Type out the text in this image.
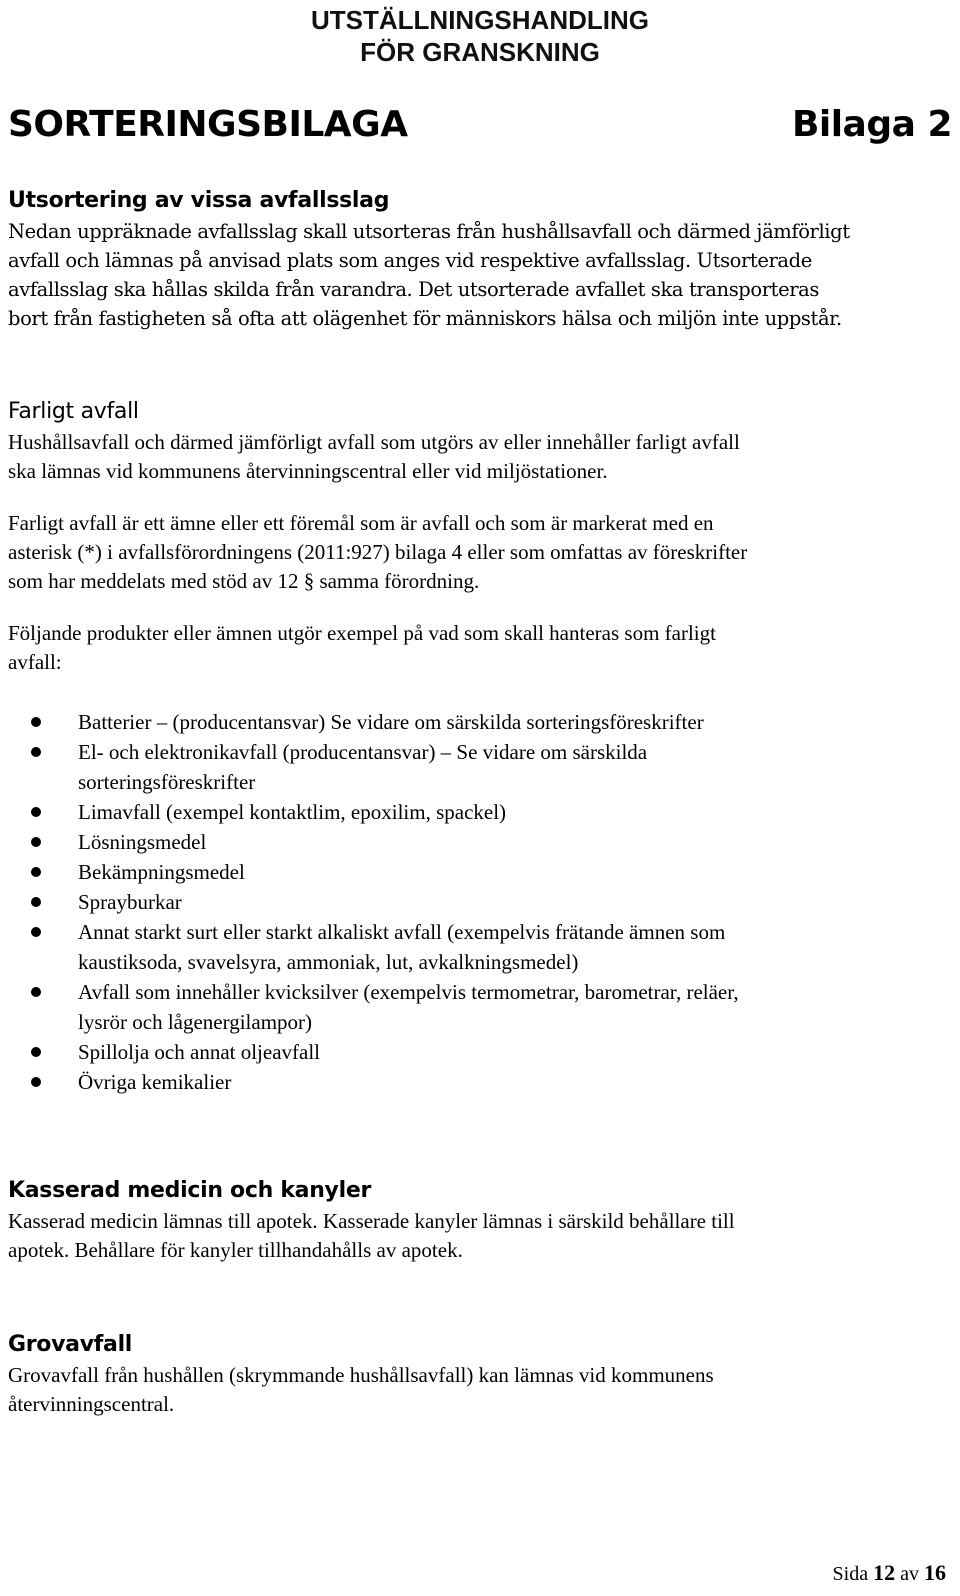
UTSTÄLLNINGSHANDLING
FÖR GRANSKNING
SORTERINGSBILAGA	Bilaga 2
Utsortering av vissa avfallsslag

Nedan uppräknade avfallsslag skall utsorteras från hushållsavfall och därmed jämförligt
avfall och lämnas på anvisad plats som anges vid respektive avfallsslag. Utsorterade
avfallsslag ska hållas skilda från varandra. Det utsorterade avfallet ska transporteras
bort från fastigheten så ofta att olägenhet för människors hälsa och miljön inte uppstår.

Farligt avfall

Hushållsavfall och därmed jämförligt avfall som utgörs av eller innehåller farligt avfall
ska lämnas vid kommunens återvinningscentral eller vid miljöstationer.

Farligt avfall är ett ämne eller ett föremål som är avfall och som är markerat med en
asterisk (*) i avfallsförordningens (2011:927) bilaga 4 eller som omfattas av föreskrifter
som har meddelats med stöd av 12 § samma förordning.

Följande produkter eller ämnen utgör exempel på vad som skall hanteras som farligt
avfall:

Batterier – (producentansvar) Se vidare om särskilda sorteringsföreskrifter
El- och elektronikavfall (producentansvar) – Se vidare om särskilda
sorteringsföreskrifter
Limavfall (exempel kontaktlim, epoxilim, spackel)
Lösningsmedel
Bekämpningsmedel
Sprayburkar
Annat starkt surt eller starkt alkaliskt avfall (exempelvis frätande ämnen som
kaustiksoda, svavelsyra, ammoniak, lut, avkalkningsmedel)
Avfall som innehåller kvicksilver (exempelvis termometrar, barometrar, reläer,
lysrör och lågenergilampor)
Spillolja och annat oljeavfall
Övriga kemikalier
Kasserad medicin och kanyler

Kasserad medicin lämnas till apotek. Kasserade kanyler lämnas i särskild behållare till
apotek. Behållare för kanyler tillhandahålls av apotek.

Grovavfall

Grovavfall från hushållen (skrymmande hushållsavfall) kan lämnas vid kommunens
återvinningscentral.

Sida 12 av 16
